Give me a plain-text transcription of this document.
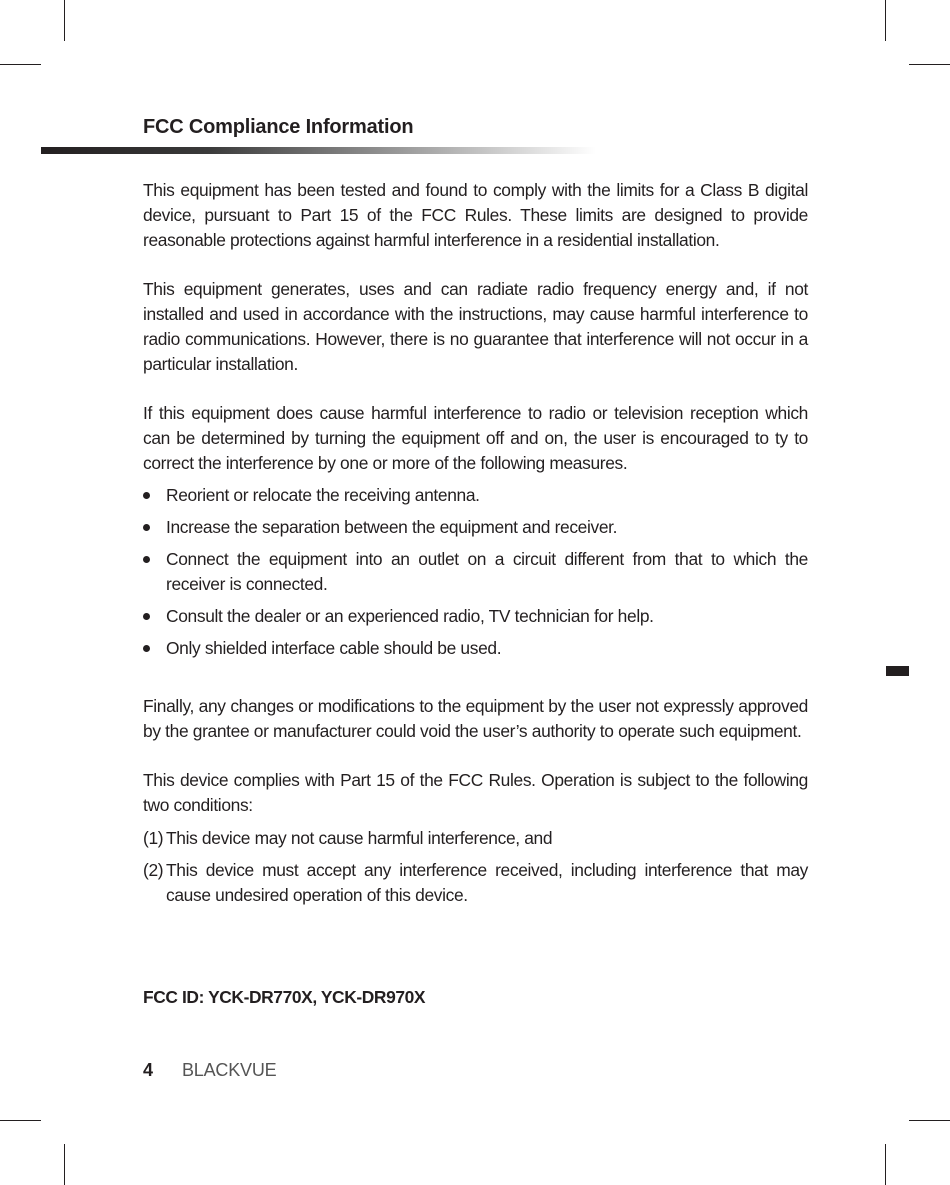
FCC Compliance Information

This equipment has been tested and found to comply with the limits for a Class B digital device, pursuant to Part 15 of the FCC Rules. These limits are designed to provide reasonable protections against harmful interference in a residential installation.

This equipment generates, uses and can radiate radio frequency energy and, if not installed and used in accordance with the instructions, may cause harmful interference to radio communications. However, there is no guarantee that interference will not occur in a particular installation.

If this equipment does cause harmful interference to radio or television reception which can be determined by turning the equipment off and on, the user is encouraged to ty to correct the interference by one or more of the following measures.

Reorient or relocate the receiving antenna.
Increase the separation between the equipment and receiver.
Connect the equipment into an outlet on a circuit different from that to which the receiver is connected.
Consult the dealer or an experienced radio, TV technician for help.
Only shielded interface cable should be used.

Finally, any changes or modifications to the equipment by the user not expressly approved by the grantee or manufacturer could void the user’s authority to operate such equipment.

This device complies with Part 15 of the FCC Rules. Operation is subject to the following two conditions:

(1) This device may not cause harmful interference, and
(2) This device must accept any interference received, including interference that may cause undesired operation of this device.
FCC ID: YCK-DR770X, YCK-DR970X
4 BLACKVUE
